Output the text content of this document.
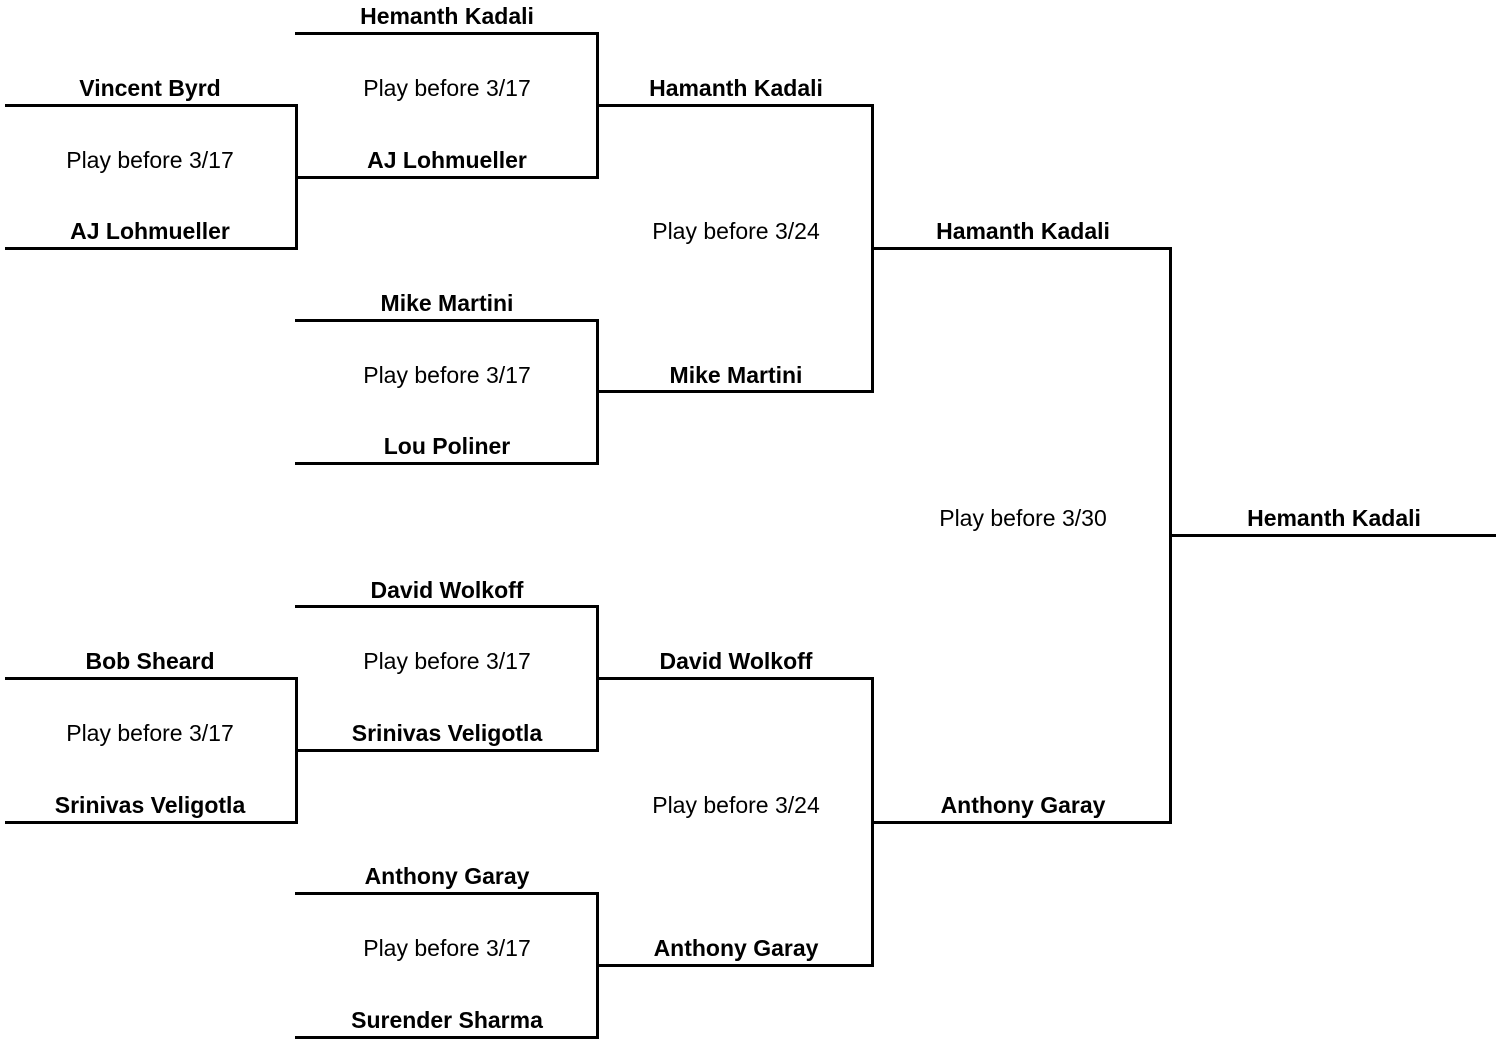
Vincent Byrd
Play before 3/17
AJ Lohmueller
Bob Sheard
Play before 3/17
Srinivas Veligotla
Hemanth Kadali
Play before 3/17
AJ Lohmueller
Mike Martini
Play before 3/17
Lou Poliner
David Wolkoff
Play before 3/17
Srinivas Veligotla
Anthony Garay
Play before 3/17
Surender Sharma
Hamanth Kadali
Play before 3/24
Mike Martini
David Wolkoff
Play before 3/24
Anthony Garay
Hamanth Kadali
Play before 3/30
Anthony Garay
Hemanth Kadali
